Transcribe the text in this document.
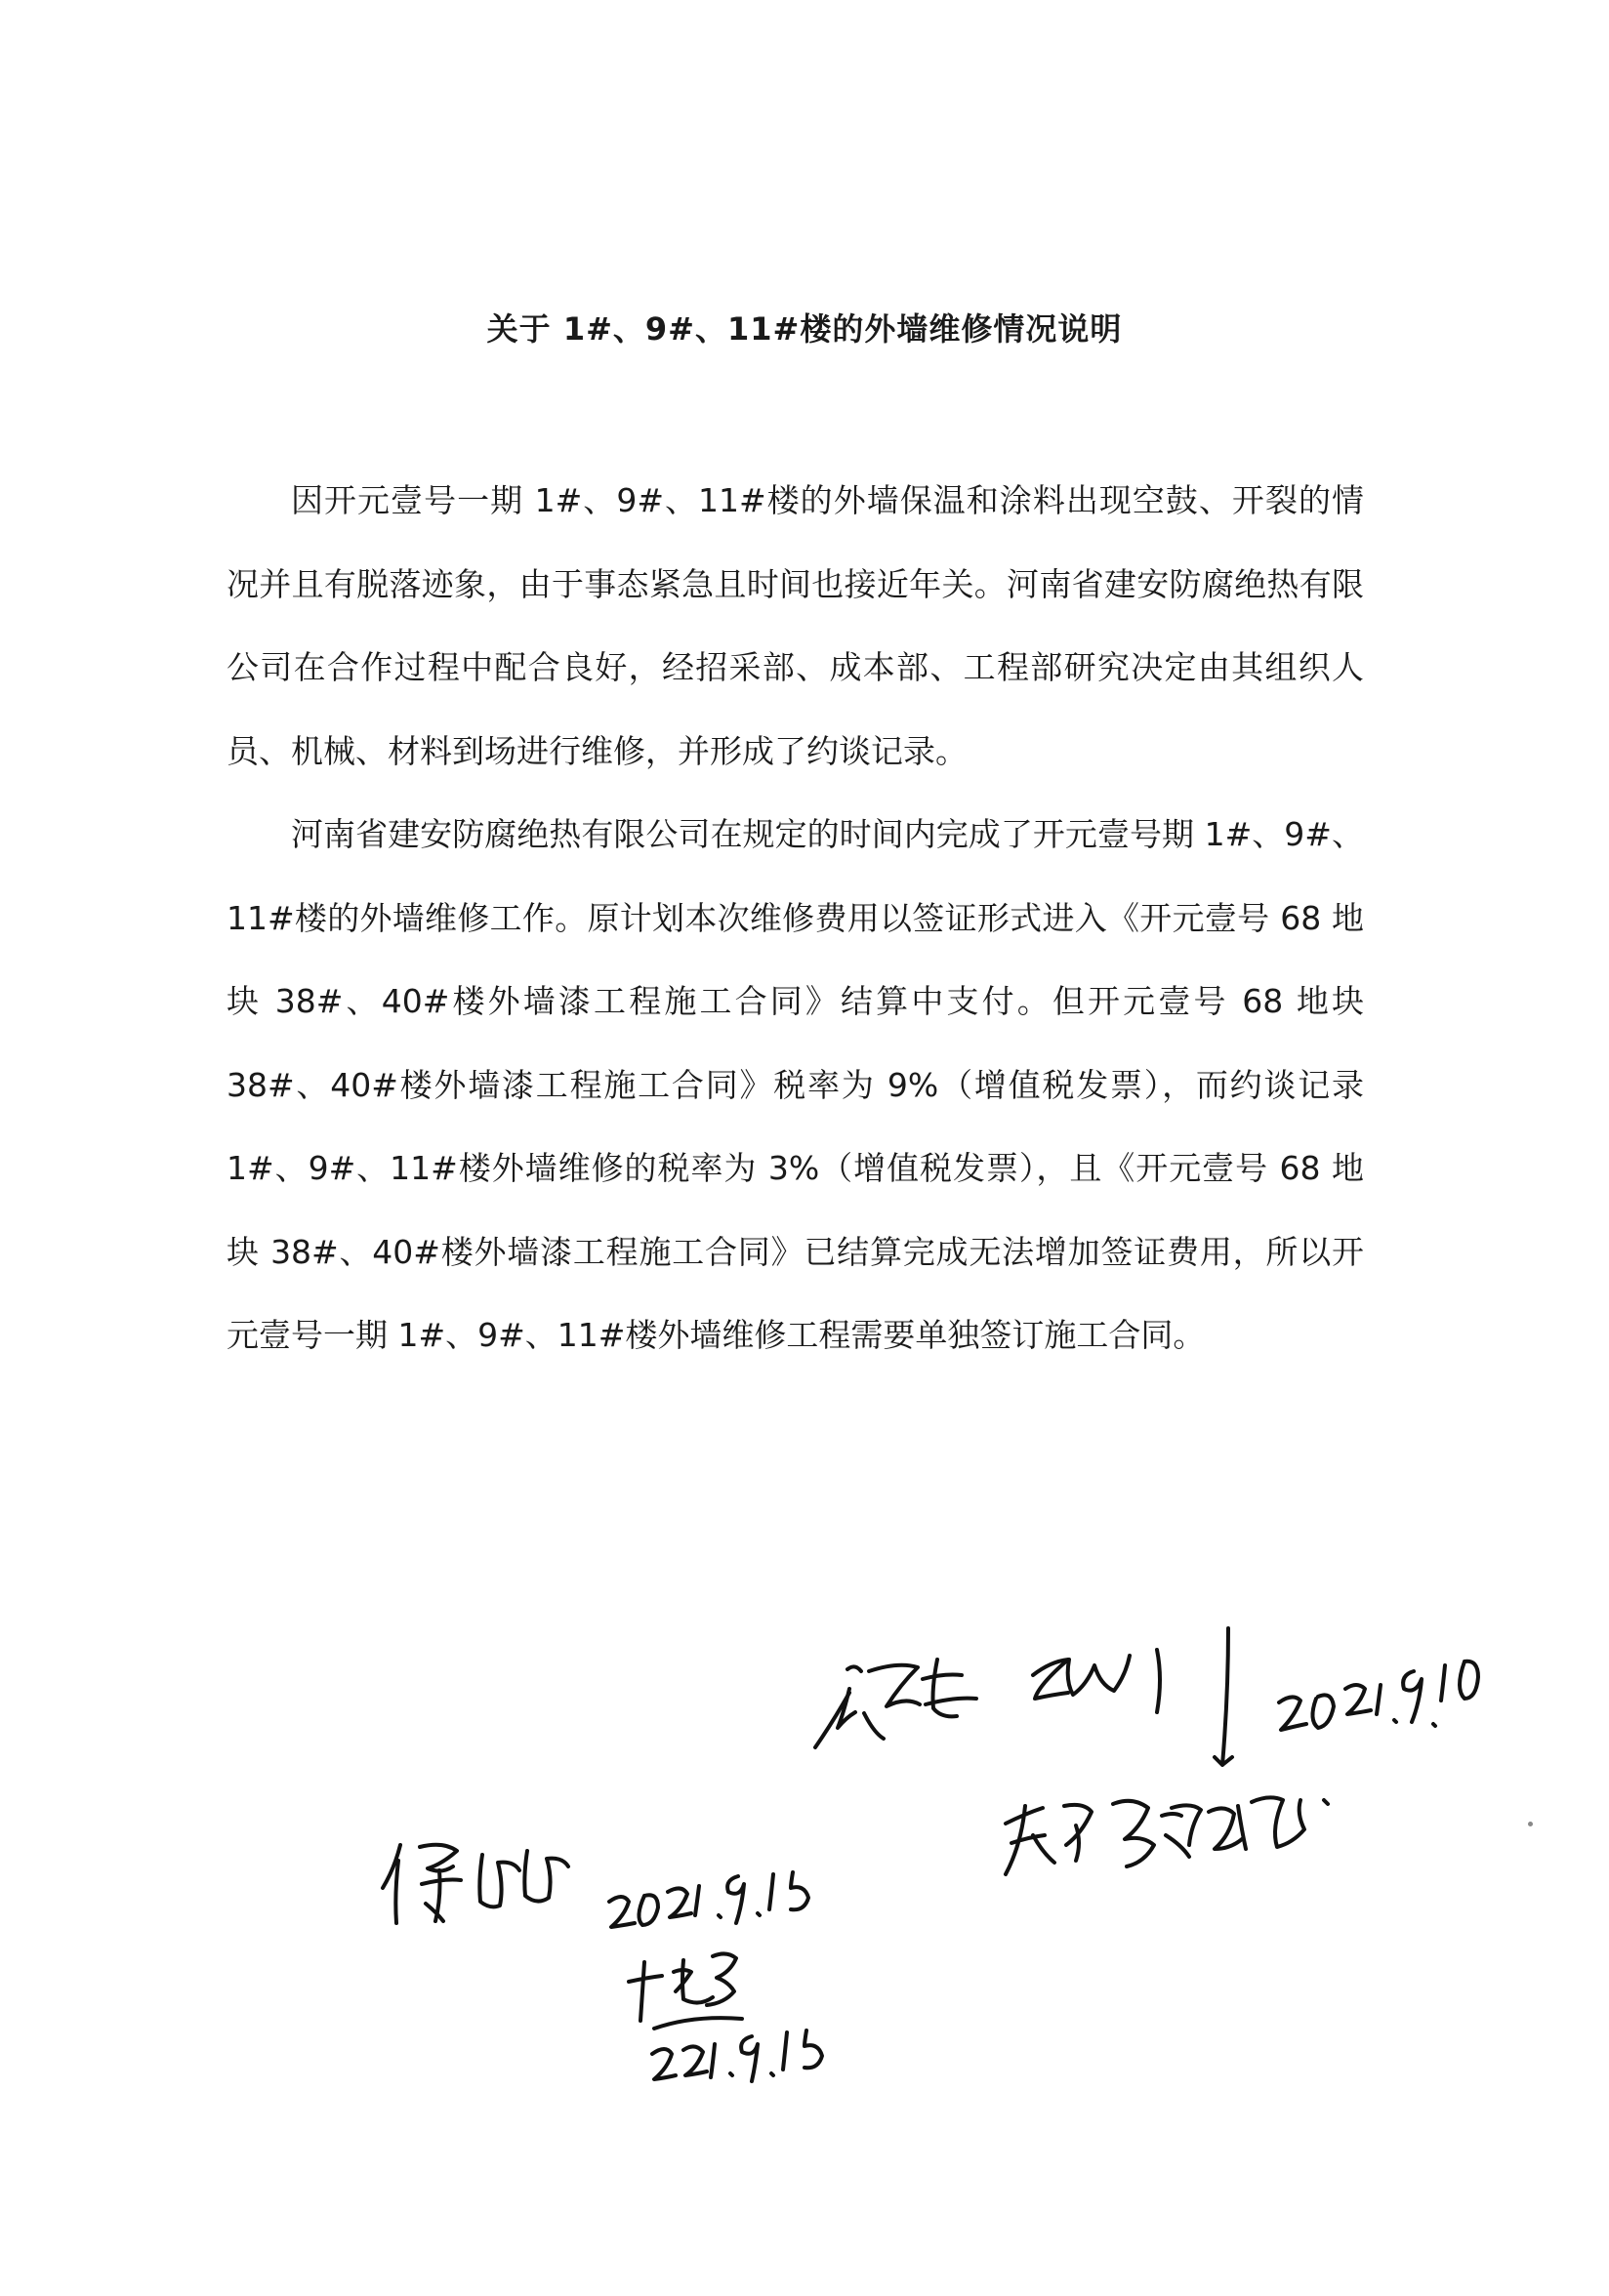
关于 1#、9#、11#楼的外墙维修情况说明

因开元壹号一期 1#、9#、11#楼的外墙保温和涂料出现空鼓、开裂的情况并且有脱落迹象，由于事态紧急且时间也接近年关。河南省建安防腐绝热有限公司在合作过程中配合良好，经招采部、成本部、工程部研究决定由其组织人员、机械、材料到场进行维修，并形成了约谈记录。

河南省建安防腐绝热有限公司在规定的时间内完成了开元壹号期 1#、9#、11#楼的外墙维修工作。原计划本次维修费用以签证形式进入《开元壹号 68 地块 38#、40#楼外墙漆工程施工合同》结算中支付。但开元壹号 68 地块 38#、40#楼外墙漆工程施工合同》税率为 9%（增值税发票），而约谈记录 1#、9#、11#楼外墙维修的税率为 3%（增值税发票），且《开元壹号 68 地块 38#、40#楼外墙漆工程施工合同》已结算完成无法增加签证费用，所以开元壹号一期 1#、9#、11#楼外墙维修工程需要单独签订施工合同。
